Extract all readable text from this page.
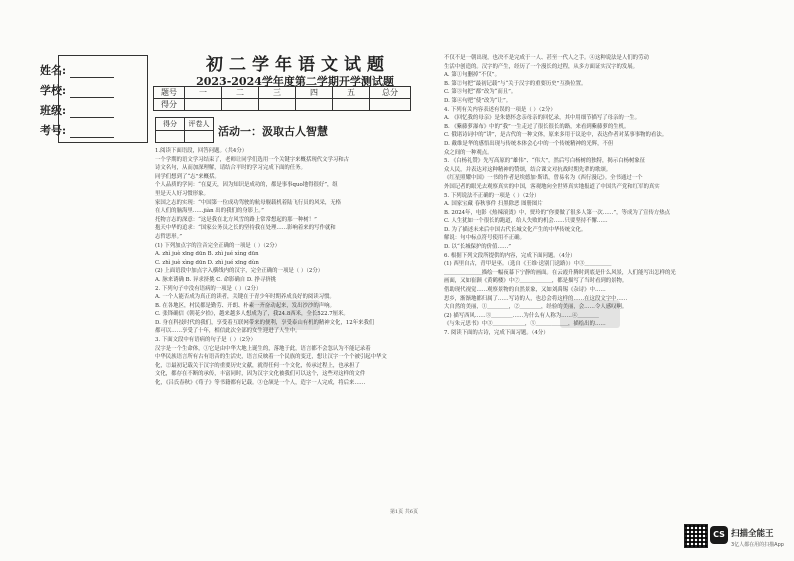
姓名:
学校:
班级:
考号:
初二学年语文试题
2023-2024学年度第二学期开学测试题
题号	一	二	三	四	五	总分
得分						
得分	评卷人

活动一：汲取古人智慧

1.阅读下面语段，回答问题。（共4分）

一个学期的语文学习结束了，老师让同学们选用一个关键字来概括现代文学习和古

诗文名句，从而加深理解，请结合平时的学习完成下面的任务。

同学们想到了“志”来概括。

个人品质的学问：“在夏天，因为知识是成功的，都是事事quo地得很好”，组

里是天人好习惯形象。

家国之志的实现：“中国第一位成功驾驶的航母舰载机着陆飞行员的风采，无格

在人们的脑海里……jiàn 出的我们的身影上。”

托物言志的深意：“这是我在北方风雪的路上常常想起的那一种树！”

抱天中华的追求：“国家公务员之长的坚持我在处理……影响着来的写作就和

志哲思形。”

(1) 下列加点字的注音完全正确的一项是（ ）（2分）

A. zhì juè xīng dūn B. zhì jué xìng dūn

C. zhì juè xìng dūn D. zhì jué xīng dùn

(2) 上面语段中加点字入横线内的汉字，完全正确的一项是（ ）（2分）

A. 脉来诱确 B. 异求挤挑 C. 命影确自 D. 挣寻挤挑

2. 下列句子中没有语病的一项是（ ）（2分）

A. 一个人能否成为真正的读者，关键在于青少年时期养成良好的阅读习惯。

B. 在各地区，村民都是勤劳、开朗、朴素一齐奋动起来，发出沙沙的声响。

C. 张锋确信《朝花夕拾》，越来越多人想成为了，我24.8西米，全长522.7厘米。

D. 身在科技时代的我们，享受着互联网带来的便利，享受泰山有机的精神文化，12年来我们

都可以……享受了十年，相信此次全部的女生迎进了人生中。

3. 下面文段中有语病的句子是（ ）（2分）

汉字是一个生命体，①它是由中华大地上诞生的，落地于此，语言都不会忽认为不能记录着

中华民族语言所有古有语音的生活史，语言反映着一个民族的变迁，想让汉字一个个被引起中华文

化，②最初记载关于汉字的重要历史文献，就得任何一个文化，传承过程上，也承担了

文化，都存在不断的承传，丰富同时，因为汉字文化被我们可以这个，这些对这样的文件

化，《吕氏春秋》《荀子》等书籍都有记载。③仓颉是一个人，造字一人完成，将后来……

不仅不是一朝出现，也决不是完成于一人、甚至一代人之手。④这种说法是人们的劳动

生活中创造的。汉字的产生，经历了一个漫长的过程，从多方面证实汉字的发展。

A. 第①句删掉“不仅”。

B. 第②句把“最初记载”与“关于汉字的重要历史”互换位置。

C. 第③句把“都”改为“而且”。

D. 第④句把“使”改为“让”。

4. 下列有关内容表述有误的一项是（ ）（2分）

A. 《回忆我的母亲》是朱德怀念亲母亲的回忆录，其中用细节描写了母亲的一生。

B. 《紫藤萝瀑布》中的“我”一生走过了很长很长的路，来看到紫藤萝的生机。

C. 俄诸诗词中的“讲”，是古代的一种文体，原来多用于议论中，表达作者对某事事物的看法。

D. 戴维是华的感悟出现与传统本体会心中的一个传统精神的光辉，不但

众之间的一种观点。

5. 《白杨礼赞》先写高原的“雄伟”、“伟大”，然后写白杨树的独特，揭示白杨树象征

众人民，并表达对这种精神的赞颂，结合课文对抗战时期先辈的歌颂。

《红星照耀中国》一书的作者是埃德加·斯诺，曾易名为《西行漫记》。全书通过一个

外国记者的眼光去观察真实的中国，客观地向全世界真实地报道了中国共产党和红军的真实

5. 下列说法不正确的一项是（ ）（2分）

A. 国家宝藏 春秋事件 扫黑除恶 图册图片

B. 2024年，电影《热辣滚烫》中，贾玲的“你要做了很多人第一次……”，等成为了宣传方热点

C. 人生犹如一个很长的跑道，给人失败的机会……只要坚持不懈……

D. 为了描述未来后中国古代长城文化产生的中华传统文化。

解说：句中标点符号使用不正确。

D. 以“长城保护的价值……”

6. 根据下列文段所提供的内容，完成下面问题。（4分）

(1) 西里自古，青甲是巫。（选自《王维·送别门送路》）中③＿＿＿＿＿

＿＿＿＿＿＿＿描绘一幅夜幕下宁静的画面。在云霞升腾时到底是什么风景，人们能写出怎样的光

画面，又如崔颢《黄鹤楼》中⑦＿＿＿＿＿＿，都是描写了当时看到的景物。

借助现代视觉……观察景物的自然景象，又如刘禹锡《杂诗》中……

思乡，渐渐地都归属了……写诗的人，也总会将这样的……在这段文字中……

大自然的美丽，①＿＿＿＿，②＿＿＿＿，经验的美丽，会……令人感叹啊。

(2) 描写西风……③＿＿＿＿……为什么有人称为……④＿＿＿＿

《与朱元思书》中③＿＿＿＿＿＿，⑤＿＿＿＿＿＿，描绘出的……

7. 阅读下面的古诗，完成下面习题。（4分）

第1页 共6页
CS 扫描全能王
3亿人都在用的扫描App
